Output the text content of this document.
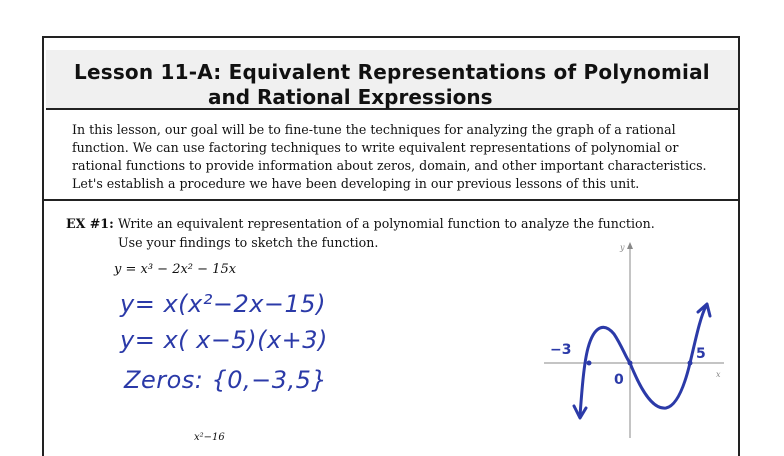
Lesson 11-A: Equivalent Representations of Polynomial
and Rational Expressions
In this lesson, our goal will be to fine-tune the techniques for analyzing the graph of a rational function. We can use factoring techniques to write equivalent representations of polynomial or rational functions to provide information about zeros, domain, and other important characteristics. Let's establish a procedure we have been developing in our previous lessons of this unit.
EX #1: Write an equivalent representation of a polynomial function to analyze the function.
Use your findings to sketch the function.
y = x³ − 2x² − 15x
y= x(x²−2x−15)
y= x( x−5)(x+3)
Zeros: {0,−3,5}	x
y
−3
0
5
x²−16
